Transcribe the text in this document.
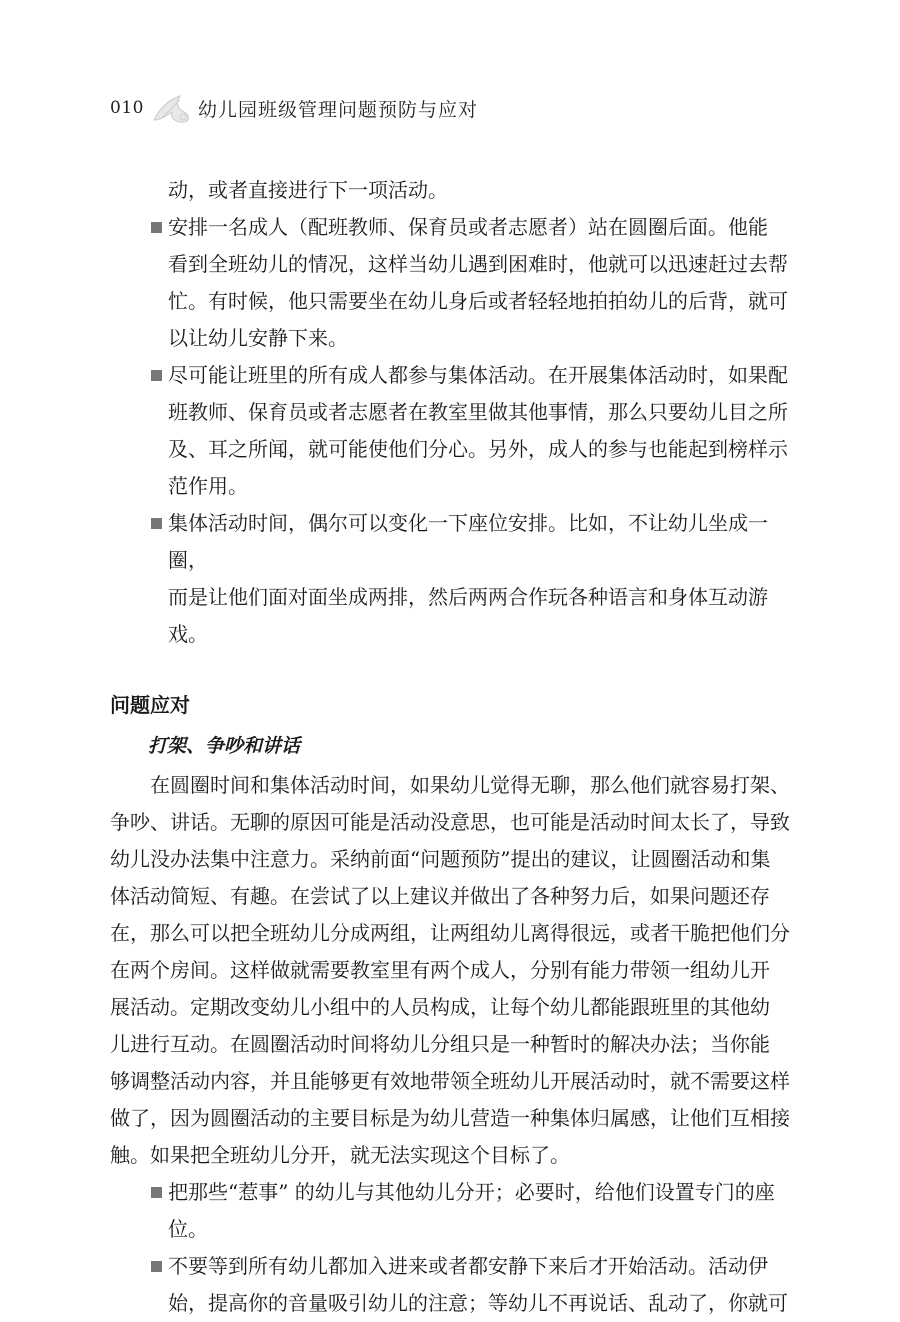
010	幼儿园班级管理问题预防与应对

动，或者直接进行下一项活动。

安排一名成人（配班教师、保育员或者志愿者）站在圆圈后面。他能

看到全班幼儿的情况，这样当幼儿遇到困难时，他就可以迅速赶过去帮

忙。有时候，他只需要坐在幼儿身后或者轻轻地拍拍幼儿的后背，就可

以让幼儿安静下来。

尽可能让班里的所有成人都参与集体活动。在开展集体活动时，如果配

班教师、保育员或者志愿者在教室里做其他事情，那么只要幼儿目之所

及、耳之所闻，就可能使他们分心。另外，成人的参与也能起到榜样示

范作用。

集体活动时间，偶尔可以变化一下座位安排。比如，不让幼儿坐成一圈，

而是让他们面对面坐成两排，然后两两合作玩各种语言和身体互动游戏。

问题应对
打架、争吵和讲话

在圆圈时间和集体活动时间，如果幼儿觉得无聊，那么他们就容易打架、

争吵、讲话。无聊的原因可能是活动没意思，也可能是活动时间太长了，导致

幼儿没办法集中注意力。采纳前面“问题预防”提出的建议，让圆圈活动和集

体活动简短、有趣。在尝试了以上建议并做出了各种努力后，如果问题还存

在，那么可以把全班幼儿分成两组，让两组幼儿离得很远，或者干脆把他们分

在两个房间。这样做就需要教室里有两个成人，分别有能力带领一组幼儿开

展活动。定期改变幼儿小组中的人员构成，让每个幼儿都能跟班里的其他幼

儿进行互动。在圆圈活动时间将幼儿分组只是一种暂时的解决办法；当你能

够调整活动内容，并且能够更有效地带领全班幼儿开展活动时，就不需要这样

做了，因为圆圈活动的主要目标是为幼儿营造一种集体归属感，让他们互相接

触。如果把全班幼儿分开，就无法实现这个目标了。

把那些“惹事” 的幼儿与其他幼儿分开；必要时，给他们设置专门的座位。

不要等到所有幼儿都加入进来或者都安静下来后才开始活动。活动伊

始，提高你的音量吸引幼儿的注意；等幼儿不再说话、乱动了，你就可
